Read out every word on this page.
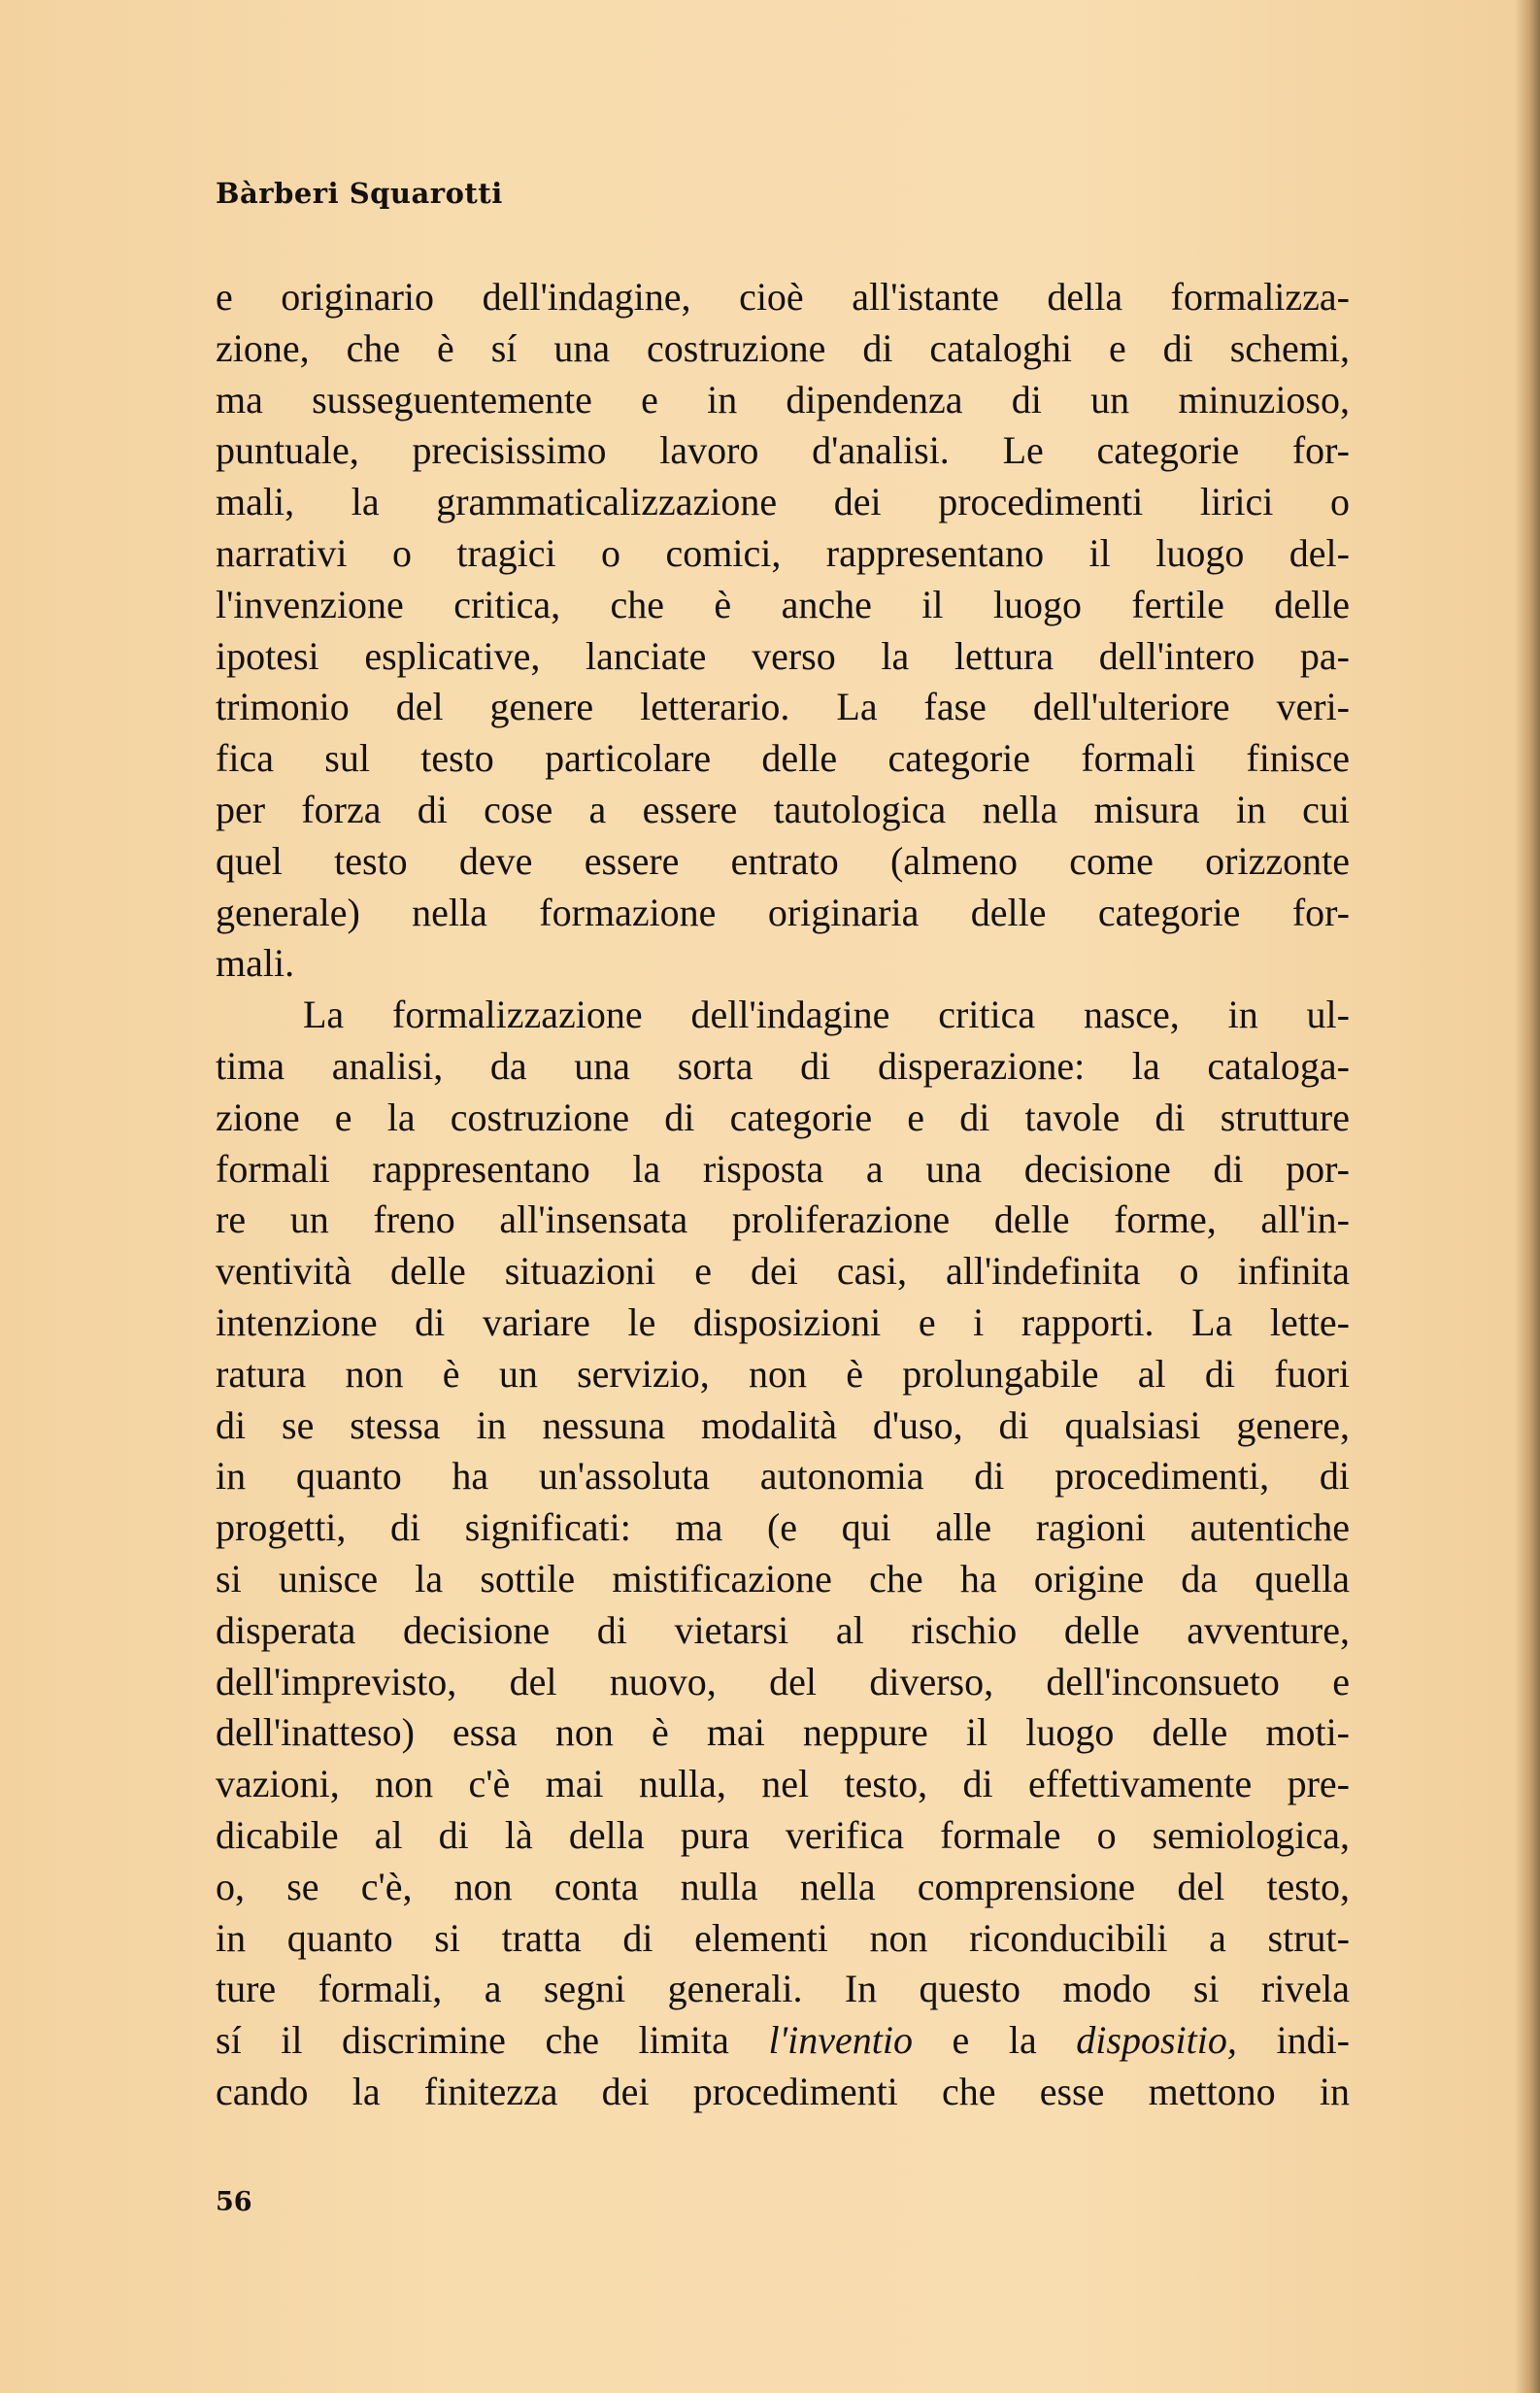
Bàrberi Squarotti
e originario dell'indagine, cioè all'istante della formalizza-
zione, che è sí una costruzione di cataloghi e di schemi,
ma susseguentemente e in dipendenza di un minuzioso,
puntuale, precisissimo lavoro d'analisi. Le categorie for-
mali, la grammaticalizzazione dei procedimenti lirici o
narrativi o tragici o comici, rappresentano il luogo del-
l'invenzione critica, che è anche il luogo fertile delle
ipotesi esplicative, lanciate verso la lettura dell'intero pa-
trimonio del genere letterario. La fase dell'ulteriore veri-
fica sul testo particolare delle categorie formali finisce
per forza di cose a essere tautologica nella misura in cui
quel testo deve essere entrato (almeno come orizzonte
generale) nella formazione originaria delle categorie for-
mali.
La formalizzazione dell'indagine critica nasce, in ul-
tima analisi, da una sorta di disperazione: la cataloga-
zione e la costruzione di categorie e di tavole di strutture
formali rappresentano la risposta a una decisione di por-
re un freno all'insensata proliferazione delle forme, all'in-
ventività delle situazioni e dei casi, all'indefinita o infinita
intenzione di variare le disposizioni e i rapporti. La lette-
ratura non è un servizio, non è prolungabile al di fuori
di se stessa in nessuna modalità d'uso, di qualsiasi genere,
in quanto ha un'assoluta autonomia di procedimenti, di
progetti, di significati: ma (e qui alle ragioni autentiche
si unisce la sottile mistificazione che ha origine da quella
disperata decisione di vietarsi al rischio delle avventure,
dell'imprevisto, del nuovo, del diverso, dell'inconsueto e
dell'inatteso) essa non è mai neppure il luogo delle moti-
vazioni, non c'è mai nulla, nel testo, di effettivamente pre-
dicabile al di là della pura verifica formale o semiologica,
o, se c'è, non conta nulla nella comprensione del testo,
in quanto si tratta di elementi non riconducibili a strut-
ture formali, a segni generali. In questo modo si rivela
sí il discrimine che limita l'inventio e la dispositio, indi-
cando la finitezza dei procedimenti che esse mettono in
56
